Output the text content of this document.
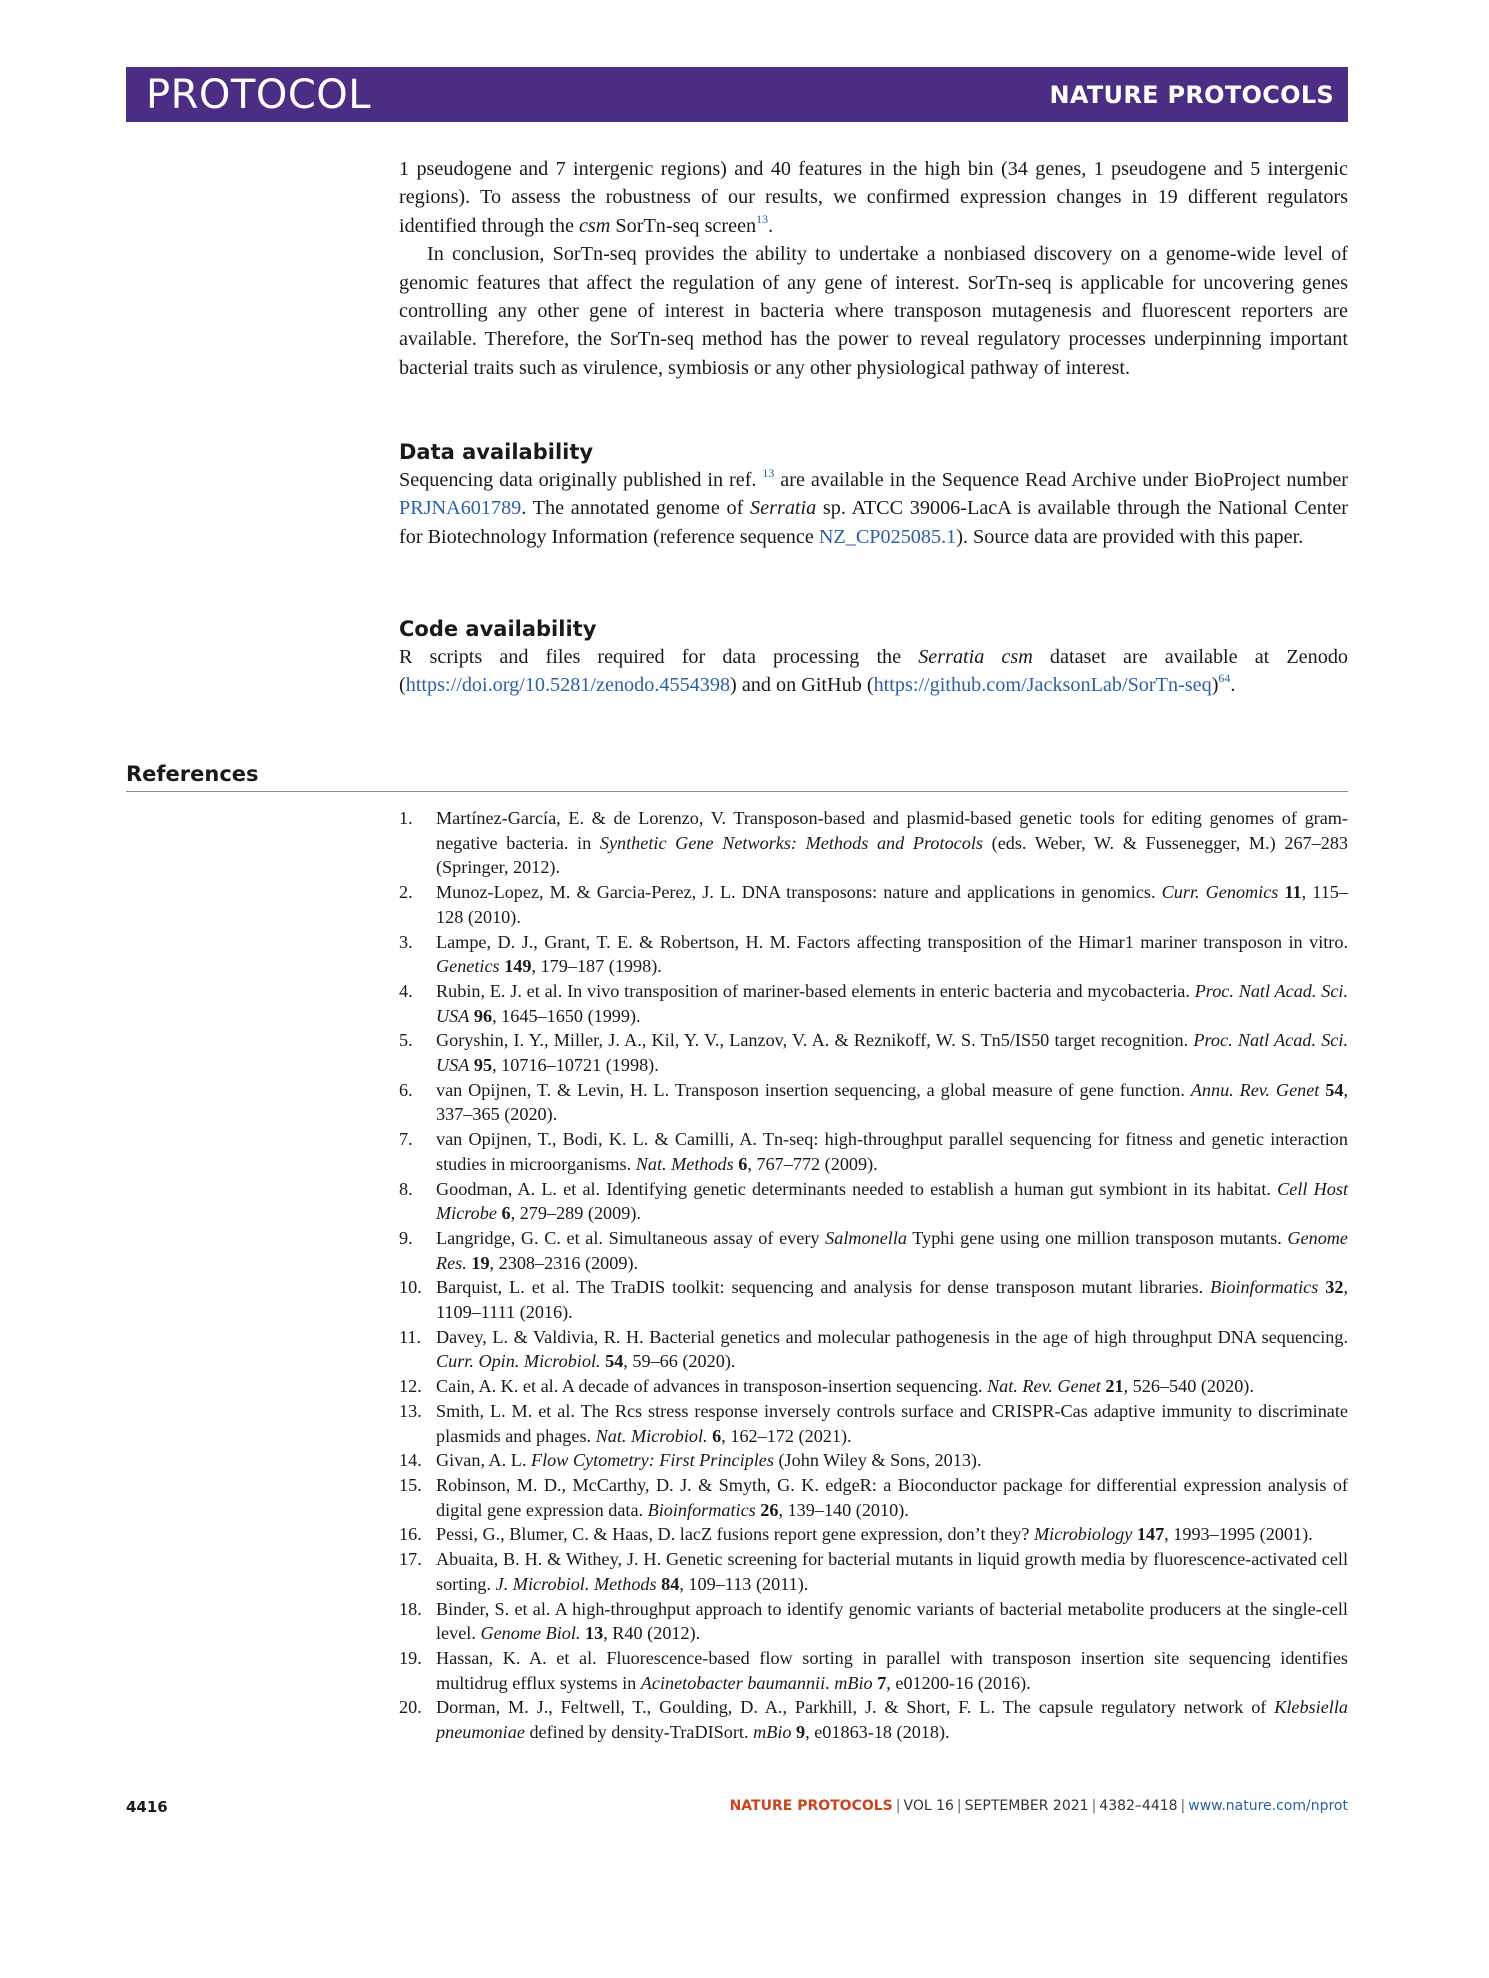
PROTOCOL	NATURE PROTOCOLS

1 pseudogene and 7 intergenic regions) and 40 features in the high bin (34 genes, 1 pseudogene and 5 intergenic regions). To assess the robustness of our results, we confirmed expression changes in 19 different regulators identified through the csm SorTn-seq screen$^{13}$.

In conclusion, SorTn-seq provides the ability to undertake a nonbiased discovery on a genome-wide level of genomic features that affect the regulation of any gene of interest. SorTn-seq is applicable for uncovering genes controlling any other gene of interest in bacteria where transposon mutagenesis and fluorescent reporters are available. Therefore, the SorTn-seq method has the power to reveal regulatory processes underpinning important bacterial traits such as virulence, symbiosis or any other physiological pathway of interest.

Data availability

Sequencing data originally published in ref. $^{13}$ are available in the Sequence Read Archive under BioProject number PRJNA601789. The annotated genome of Serratia sp. ATCC 39006-LacA is available through the National Center for Biotechnology Information (reference sequence NZ_CP025085.1). Source data are provided with this paper.

Code availability

R scripts and files required for data processing the Serratia csm dataset are available at Zenodo (https://doi.org/10.5281/zenodo.4554398) and on GitHub (https://github.com/JacksonLab/SorTn-seq)$^{64}$.

References
1.	Martínez-García, E. & de Lorenzo, V. Transposon-based and plasmid-based genetic tools for editing genomes of gram-negative bacteria. in Synthetic Gene Networks: Methods and Protocols (eds. Weber, W. & Fussenegger, M.) 267–283 (Springer, 2012).
2.	Munoz-Lopez, M. & Garcia-Perez, J. L. DNA transposons: nature and applications in genomics. Curr. Genomics 11, 115–128 (2010).
3.	Lampe, D. J., Grant, T. E. & Robertson, H. M. Factors affecting transposition of the Himar1 mariner transposon in vitro. Genetics 149, 179–187 (1998).
4.	Rubin, E. J. et al. In vivo transposition of mariner-based elements in enteric bacteria and mycobacteria. Proc. Natl Acad. Sci. USA 96, 1645–1650 (1999).
5.	Goryshin, I. Y., Miller, J. A., Kil, Y. V., Lanzov, V. A. & Reznikoff, W. S. Tn5/IS50 target recognition. Proc. Natl Acad. Sci. USA 95, 10716–10721 (1998).
6.	van Opijnen, T. & Levin, H. L. Transposon insertion sequencing, a global measure of gene function. Annu. Rev. Genet 54, 337–365 (2020).
7.	van Opijnen, T., Bodi, K. L. & Camilli, A. Tn-seq: high-throughput parallel sequencing for fitness and genetic interaction studies in microorganisms. Nat. Methods 6, 767–772 (2009).
8.	Goodman, A. L. et al. Identifying genetic determinants needed to establish a human gut symbiont in its habitat. Cell Host Microbe 6, 279–289 (2009).
9.	Langridge, G. C. et al. Simultaneous assay of every Salmonella Typhi gene using one million transposon mutants. Genome Res. 19, 2308–2316 (2009).
10. Barquist, L. et al. The TraDIS toolkit: sequencing and analysis for dense transposon mutant libraries. Bioinformatics 32, 1109–1111 (2016).
11. Davey, L. & Valdivia, R. H. Bacterial genetics and molecular pathogenesis in the age of high throughput DNA sequencing. Curr. Opin. Microbiol. 54, 59–66 (2020).
12. Cain, A. K. et al. A decade of advances in transposon-insertion sequencing. Nat. Rev. Genet 21, 526–540 (2020).
13. Smith, L. M. et al. The Rcs stress response inversely controls surface and CRISPR-Cas adaptive immunity to discriminate plasmids and phages. Nat. Microbiol. 6, 162–172 (2021).
14. Givan, A. L. Flow Cytometry: First Principles (John Wiley & Sons, 2013).
15. Robinson, M. D., McCarthy, D. J. & Smyth, G. K. edgeR: a Bioconductor package for differential expression analysis of digital gene expression data. Bioinformatics 26, 139–140 (2010).
16. Pessi, G., Blumer, C. & Haas, D. lacZ fusions report gene expression, don’t they? Microbiology 147, 1993–1995 (2001).
17. Abuaita, B. H. & Withey, J. H. Genetic screening for bacterial mutants in liquid growth media by fluorescence-activated cell sorting. J. Microbiol. Methods 84, 109–113 (2011).
18. Binder, S. et al. A high-throughput approach to identify genomic variants of bacterial metabolite producers at the single-cell level. Genome Biol. 13, R40 (2012).
19. Hassan, K. A. et al. Fluorescence-based flow sorting in parallel with transposon insertion site sequencing identifies multidrug efflux systems in Acinetobacter baumannii. mBio 7, e01200-16 (2016).
20. Dorman, M. J., Feltwell, T., Goulding, D. A., Parkhill, J. & Short, F. L. The capsule regulatory network of Klebsiella pneumoniae defined by density-TraDISort. mBio 9, e01863-18 (2018).
4416	NATURE PROTOCOLS | VOL 16 | SEPTEMBER 2021 | 4382–4418 | www.nature.com/nprot
